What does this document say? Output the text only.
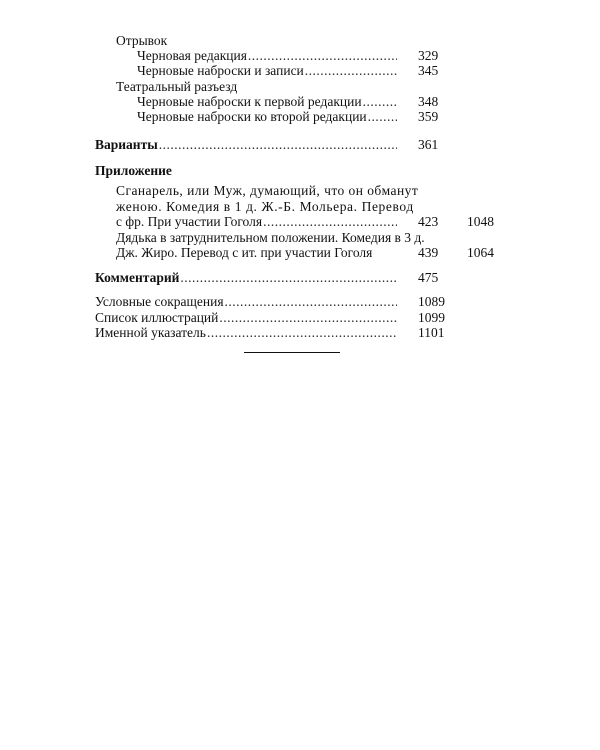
Отрывок
Черновая редакция .....	329
Черновые наброски и записи .....	345
Театральный разъезд
Черновые наброски к первой редакции .....	348
Черновые наброски ко второй редакции .....	359
Варианты .....	361
Приложение
Сганарель, или Муж, думающий, что он обманут
женою. Комедия в 1 д. Ж.-Б. Мольера. Перевод
с фр. При участии Гоголя .....	423 1048
Дядька в затруднительном положении. Комедия в 3 д.
Дж. Жиро. Перевод с ит. при участии Гоголя	439 1064
Комментарий .....	475
Условные сокращения .....	1089
Список иллюстраций .....	1099
Именной указатель .....	1101
